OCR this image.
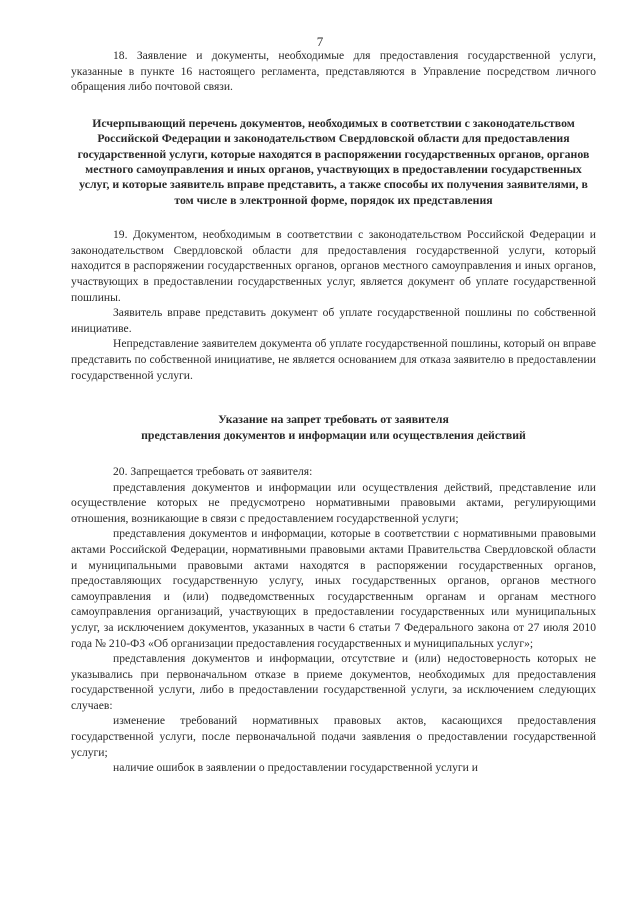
7

18. Заявление и документы, необходимые для предоставления государственной услуги, указанные в пункте 16 настоящего регламента, представляются в Управление посредством личного обращения либо почтовой связи.

Исчерпывающий перечень документов, необходимых в соответствии с законодательством Российской Федерации и законодательством Свердловской области для предоставления государственной услуги, которые находятся в распоряжении государственных органов, органов местного самоуправления и иных органов, участвующих в предоставлении государственных услуг, и которые заявитель вправе представить, а также способы их получения заявителями, в том числе в электронной форме, порядок их представления

19. Документом, необходимым в соответствии с законодательством Российской Федерации и законодательством Свердловской области для предоставления государственной услуги, который находится в распоряжении государственных органов, органов местного самоуправления и иных органов, участвующих в предоставлении государственных услуг, является документ об уплате государственной пошлины.

Заявитель вправе представить документ об уплате государственной пошлины по собственной инициативе.

Непредставление заявителем документа об уплате государственной пошлины, который он вправе представить по собственной инициативе, не является основанием для отказа заявителю в предоставлении государственной услуги.

Указание на запрет требовать от заявителя

представления документов и информации или осуществления действий

20. Запрещается требовать от заявителя:

представления документов и информации или осуществления действий, представление или осуществление которых не предусмотрено нормативными правовыми актами, регулирующими отношения, возникающие в связи с предоставлением государственной услуги;

представления документов и информации, которые в соответствии с нормативными правовыми актами Российской Федерации, нормативными правовыми актами Правительства Свердловской области и муниципальными правовыми актами находятся в распоряжении государственных органов, предоставляющих государственную услугу, иных государственных органов, органов местного самоуправления и (или) подведомственных государственным органам и органам местного самоуправления организаций, участвующих в предоставлении государственных или муниципальных услуг, за исключением документов, указанных в части 6 статьи 7 Федерального закона от 27 июля 2010 года № 210-ФЗ «Об организации предоставления государственных и муниципальных услуг»;

представления документов и информации, отсутствие и (или) недостоверность которых не указывались при первоначальном отказе в приеме документов, необходимых для предоставления государственной услуги, либо в предоставлении государственной услуги, за исключением следующих случаев:

изменение требований нормативных правовых актов, касающихся предоставления государственной услуги, после первоначальной подачи заявления о предоставлении государственной услуги;

наличие ошибок в заявлении о предоставлении государственной услуги и
